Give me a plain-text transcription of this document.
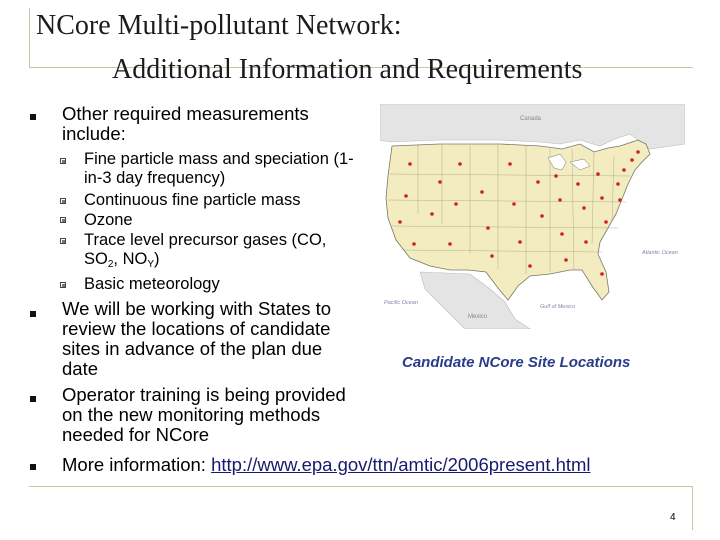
NCore Multi-pollutant Network:
Additional Information and Requirements
Other required measurements include:
Fine particle mass and speciation (1-in-3 day frequency)
Continuous fine particle mass
Ozone
Trace level precursor gases (CO,
$SO_2$, $NO_Y$)
Basic meteorology
We will be working with States to review the locations of candidate sites in advance of the plan due date
Operator training is being provided on the new monitoring methods needed for NCore
More information: http://www.epa.gov/ttn/amtic/2006present.html
Canada
Atlantic Ocean
Pacific Ocean
Gulf of Mexico
Mexico
Candidate NCore Site Locations
4
